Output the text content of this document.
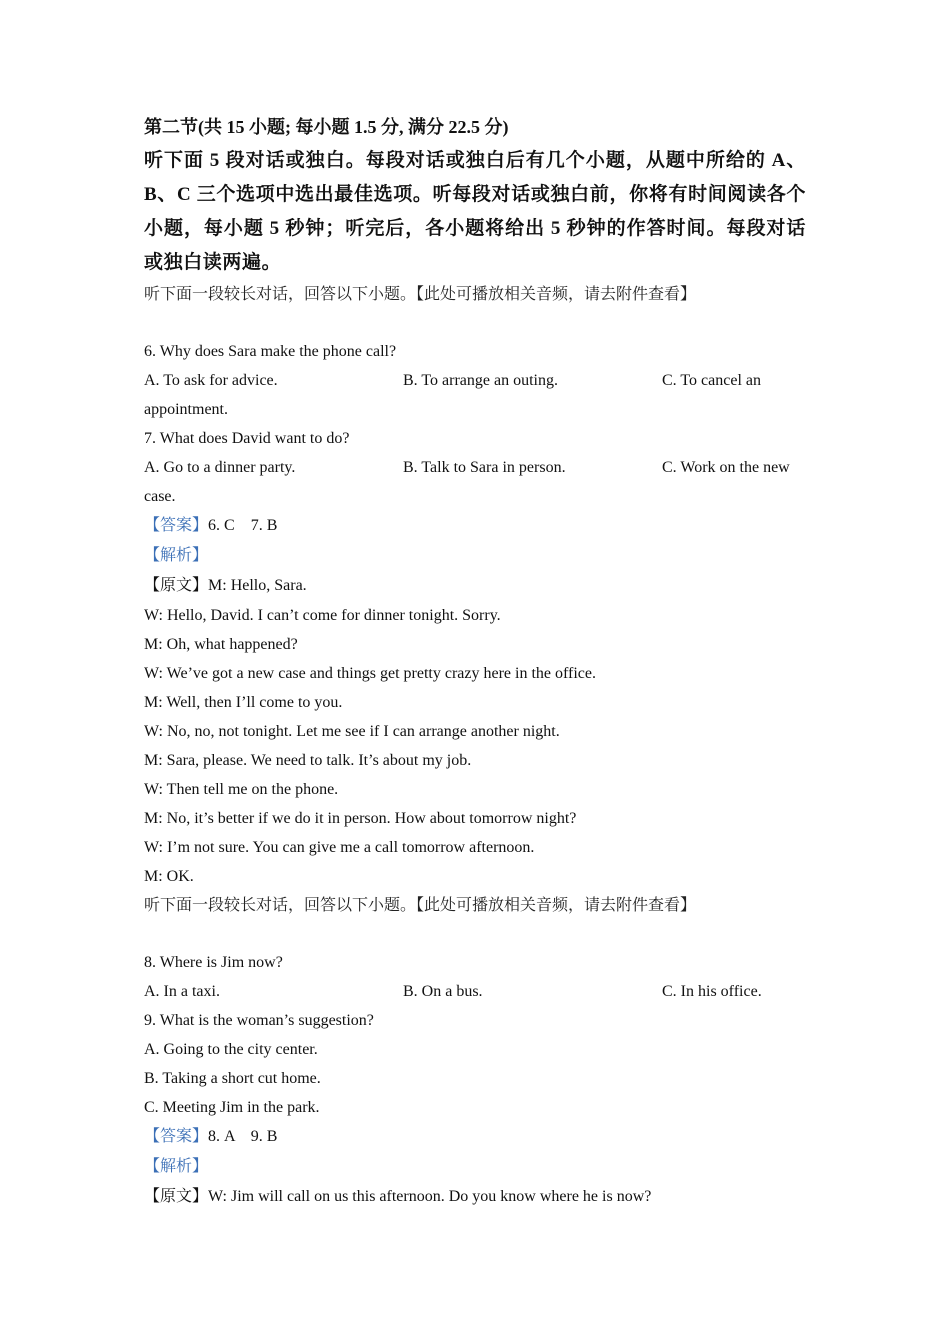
第二节(共 15 小题; 每小题 1.5 分, 满分 22.5 分)
听下面 5 段对话或独白。每段对话或独白后有几个小题，从题中所给的 A、B、C 三个选项中选出最佳选项。听每段对话或独白前，你将有时间阅读各个小题，每小题 5 秒钟；听完后，各小题将给出 5 秒钟的作答时间。每段对话或独白读两遍。
听下面一段较长对话，回答以下小题。【此处可播放相关音频，请去附件查看】
6. Why does Sara make the phone call?
A. To ask for advice.	B. To arrange an outing.	C. To cancel an
appointment.
7. What does David want to do?
A. Go to a dinner party.	B. Talk to Sara in person.	C. Work on the new
case.
【答案】6. C　7. B
【解析】
【原文】M: Hello, Sara.
W: Hello, David. I can’t come for dinner tonight. Sorry.
M: Oh, what happened?
W: We’ve got a new case and things get pretty crazy here in the office.
M: Well, then I’ll come to you.
W: No, no, not tonight. Let me see if I can arrange another night.
M: Sara, please. We need to talk. It’s about my job.
W: Then tell me on the phone.
M: No, it’s better if we do it in person. How about tomorrow night?
W: I’m not sure. You can give me a call tomorrow afternoon.
M: OK.
听下面一段较长对话，回答以下小题。【此处可播放相关音频，请去附件查看】
8. Where is Jim now?
A. In a taxi.	B. On a bus.	C. In his office.
9. What is the woman’s suggestion?
A. Going to the city center.
B. Taking a short cut home.
C. Meeting Jim in the park.
【答案】8. A　9. B
【解析】
【原文】W: Jim will call on us this afternoon. Do you know where he is now?
